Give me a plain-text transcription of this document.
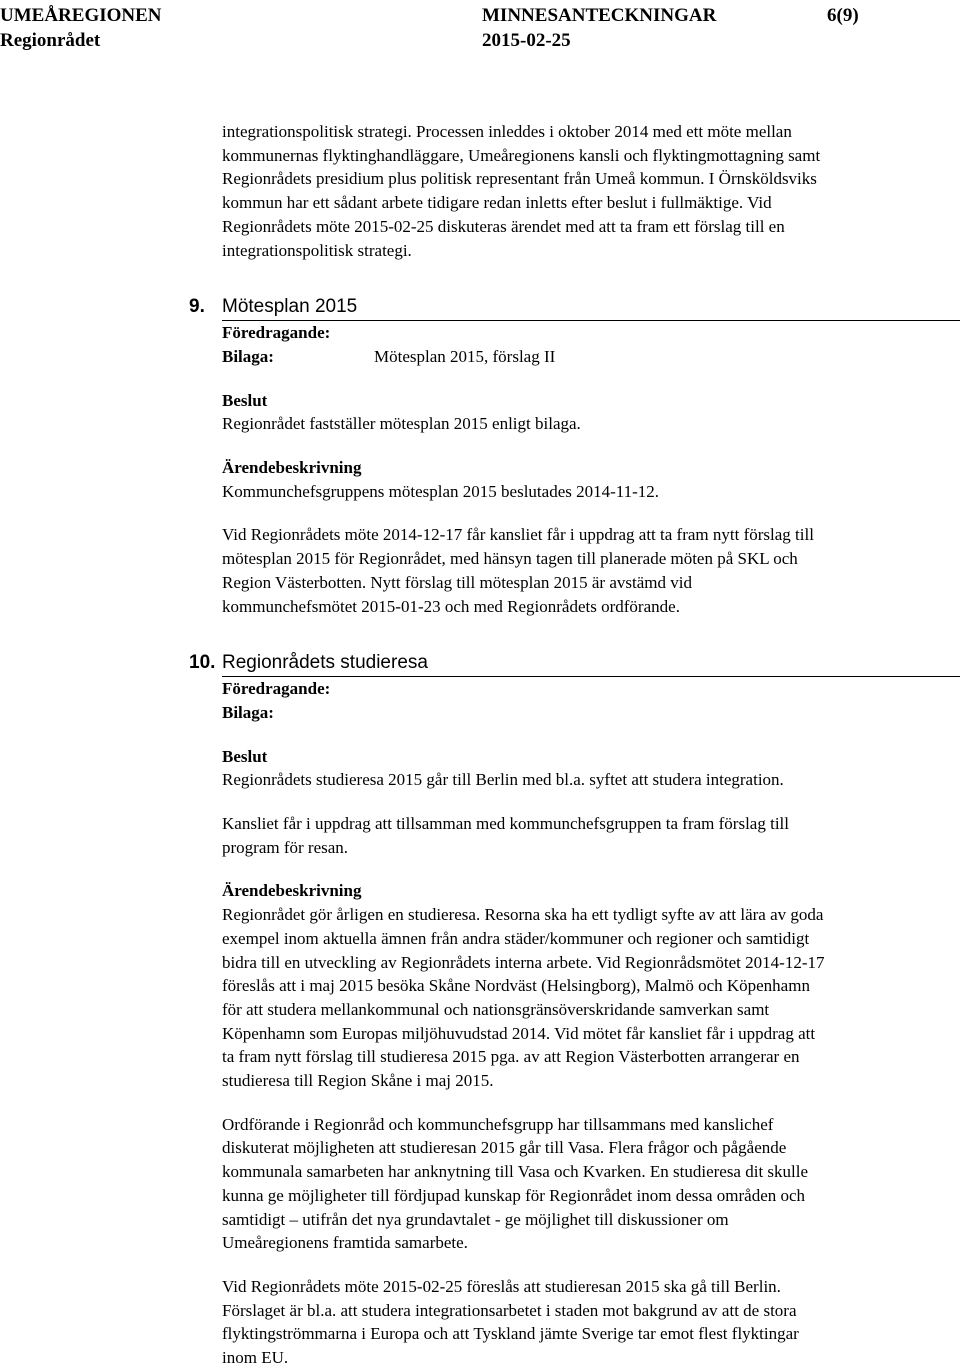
UMEÅREGIONEN
Regionrådet
MINNESANTECKNINGAR
2015-02-25
6(9)

integrationspolitisk strategi. Processen inleddes i oktober 2014 med ett möte mellan
kommunernas flyktinghandläggare, Umeåregionens kansli och flyktingmottagning samt
Regionrådets presidium plus politisk representant från Umeå kommun. I Örnsköldsviks
kommun har ett sådant arbete tidigare redan inletts efter beslut i fullmäktige. Vid
Regionrådets möte 2015-02-25 diskuteras ärendet med att ta fram ett förslag till en
integrationspolitisk strategi.

9. Mötesplan 2015
Föredragande:
Bilaga:	Mötesplan 2015, förslag II
Beslut

Regionrådet fastställer mötesplan 2015 enligt bilaga.

Ärendebeskrivning

Kommunchefsgruppens mötesplan 2015 beslutades 2014-11-12.

Vid Regionrådets möte 2014-12-17 får kansliet får i uppdrag att ta fram nytt förslag till
mötesplan 2015 för Regionrådet, med hänsyn tagen till planerade möten på SKL och
Region Västerbotten. Nytt förslag till mötesplan 2015 är avstämd vid
kommunchefsmötet 2015-01-23 och med Regionrådets ordförande.

10. Regionrådets studieresa
Föredragande:
Bilaga:
Beslut

Regionrådets studieresa 2015 går till Berlin med bl.a. syftet att studera integration.

Kansliet får i uppdrag att tillsamman med kommunchefsgruppen ta fram förslag till
program för resan.

Ärendebeskrivning

Regionrådet gör årligen en studieresa. Resorna ska ha ett tydligt syfte av att lära av goda
exempel inom aktuella ämnen från andra städer/kommuner och regioner och samtidigt
bidra till en utveckling av Regionrådets interna arbete. Vid Regionrådsmötet 2014-12-17
föreslås att i maj 2015 besöka Skåne Nordväst (Helsingborg), Malmö och Köpenhamn
för att studera mellankommunal och nationsgränsöverskridande samverkan samt
Köpenhamn som Europas miljöhuvudstad 2014. Vid mötet får kansliet får i uppdrag att
ta fram nytt förslag till studieresa 2015 pga. av att Region Västerbotten arrangerar en
studieresa till Region Skåne i maj 2015.

Ordförande i Regionråd och kommunchefsgrupp har tillsammans med kanslichef
diskuterat möjligheten att studieresan 2015 går till Vasa. Flera frågor och pågående
kommunala samarbeten har anknytning till Vasa och Kvarken. En studieresa dit skulle
kunna ge möjligheter till fördjupad kunskap för Regionrådet inom dessa områden och
samtidigt – utifrån det nya grundavtalet - ge möjlighet till diskussioner om
Umeåregionens framtida samarbete.

Vid Regionrådets möte 2015-02-25 föreslås att studieresan 2015 ska gå till Berlin.
Förslaget är bl.a. att studera integrationsarbetet i staden mot bakgrund av att de stora
flyktingströmmarna i Europa och att Tyskland jämte Sverige tar emot flest flyktingar
inom EU.
